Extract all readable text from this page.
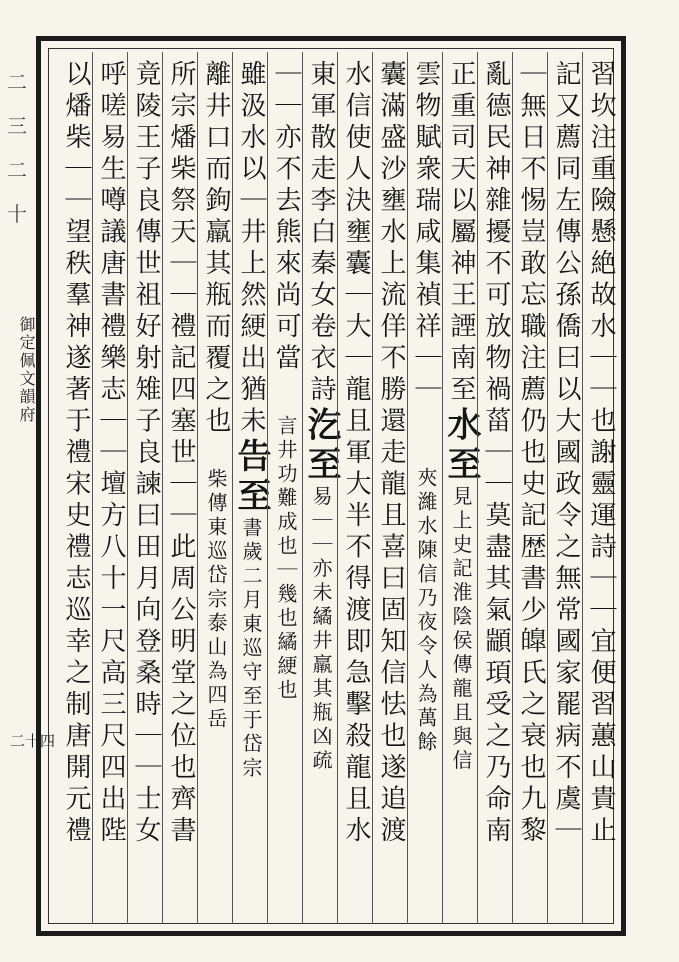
二
三
二
十
御定佩文韻府
二十四	習坎注重險懸絶故水｜｜也謝靈運詩｜｜宜便習蕙山貴止
記又薦同左傳公孫僑曰以大國政令之無常國家罷病不虞｜
｜無日不惕豈敢忘職注薦仍也史記歴書少皥氏之衰也九黎
亂德民神雜擾不可放物禍菑｜｜莫盡其氣顓頊受之乃命南
正重司天以屬神王諲南至水至見上史記淮陰侯傳龍且與信
雲物賦衆瑞咸集禎祥｜｜夾濰水陳信乃夜令人為萬餘
囊滿盛沙壅水上流佯不勝還走龍且喜曰固知信怯也遂追渡
水信使人決壅囊｜大｜龍且軍大半不得渡即急擊殺龍且水
東軍散走李白秦女卷衣詩汔至易｜｜亦未繘井羸其瓶凶疏
｜｜亦不去熊來尚可當言井功難成也｜幾也繘綆也
雖汲水以｜井上然綆出猶未告至書歲二月東巡守至于岱宗
離井口而鉤羸其瓶而覆之也柴傳東巡岱宗泰山為四岳
所宗燔柴祭天｜｜禮記四塞世｜｜此周公明堂之位也齊書
竟陵王子良傳世祖好射雉子良諫曰田月向登桑時｜｜士女
呼嗟易生噂議唐書禮樂志｜｜壇方八十一尺高三尺四出陛
以燔柴｜｜望秩羣神遂著于禮宋史禮志巡幸之制唐開元禮
